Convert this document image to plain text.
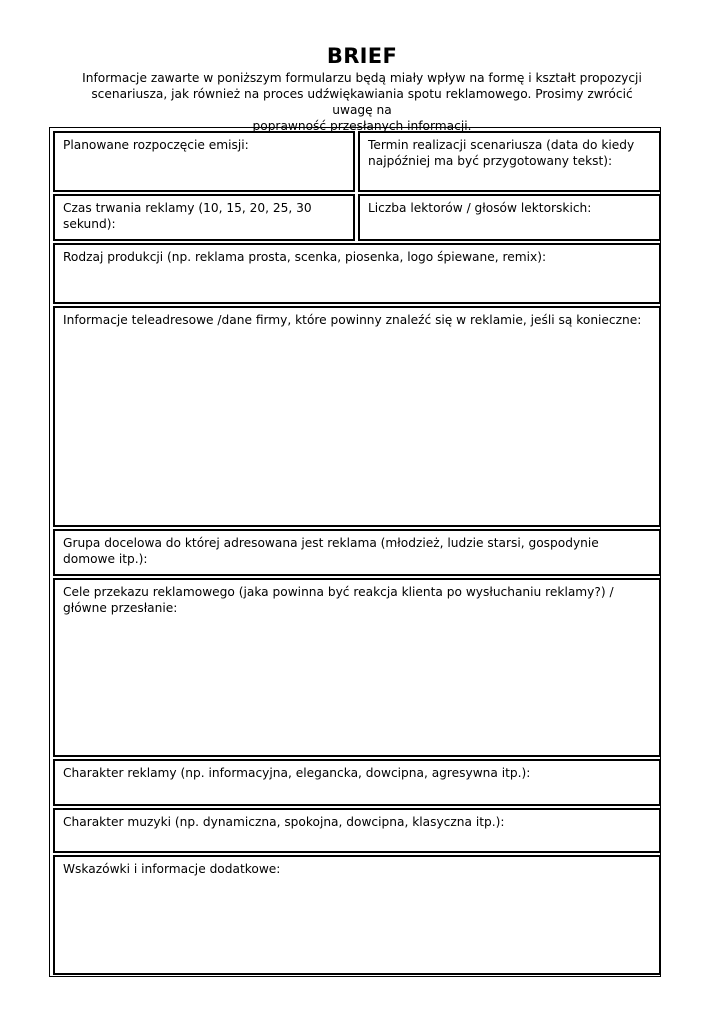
BRIEF
Informacje zawarte w poniższym formularzu będą miały wpływ na formę i kształt propozycji
scenariusza, jak również na proces udźwiękawiania spotu reklamowego. Prosimy zwrócić uwagę na
poprawność przesłanych informacji.
Planowane rozpoczęcie emisji:	Termin realizacji scenariusza (data do kiedy
najpóźniej ma być przygotowany tekst):
Czas trwania reklamy (10, 15, 20, 25, 30 sekund):
Liczba lektorów / głosów lektorskich:
Rodzaj produkcji (np. reklama prosta, scenka, piosenka, logo śpiewane, remix):
Informacje teleadresowe /dane firmy, które powinny znaleźć się w reklamie, jeśli są konieczne:
Grupa docelowa do której adresowana jest reklama (młodzież, ludzie starsi, gospodynie domowe itp.):
Cele przekazu reklamowego (jaka powinna być reakcja klienta po wysłuchaniu reklamy?) / główne przesłanie:
Charakter reklamy (np. informacyjna, elegancka, dowcipna, agresywna itp.):
Charakter muzyki (np. dynamiczna, spokojna, dowcipna, klasyczna itp.):
Wskazówki i informacje dodatkowe:
